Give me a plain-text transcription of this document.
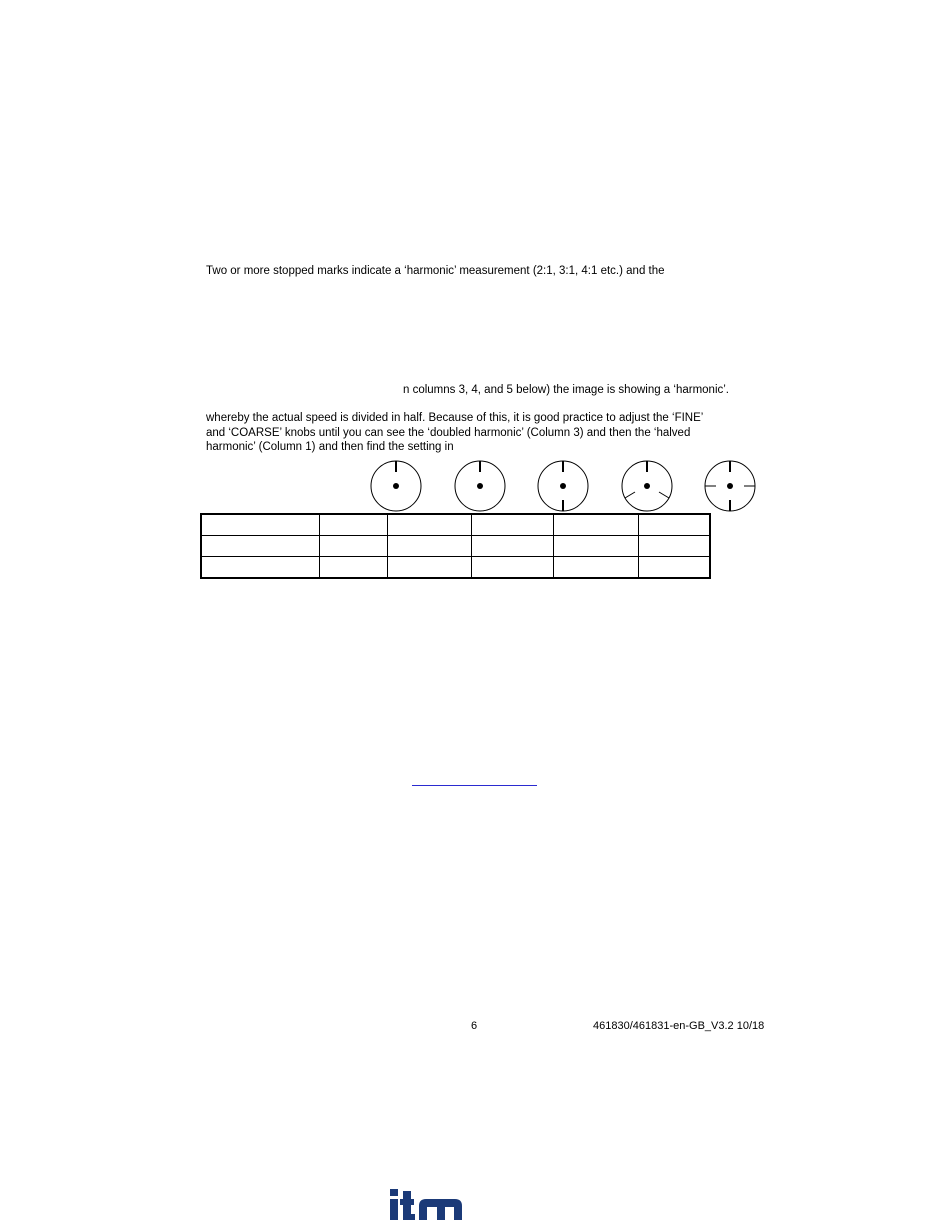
Two or more stopped marks indicate a ‘harmonic’ measurement (2:1, 3:1, 4:1 etc.) and the
n columns 3, 4, and 5 below) the image is showing a ‘harmonic’.
whereby the actual speed is divided in half. Because of this, it is good practice to adjust the ‘FINE’
and ‘COARSE’ knobs until you can see the ‘doubled harmonic’ (Column 3) and then the ‘halved
harmonic’ (Column 1) and then find the setting in

6	461830/461831-en-GB_V3.2 10/18
